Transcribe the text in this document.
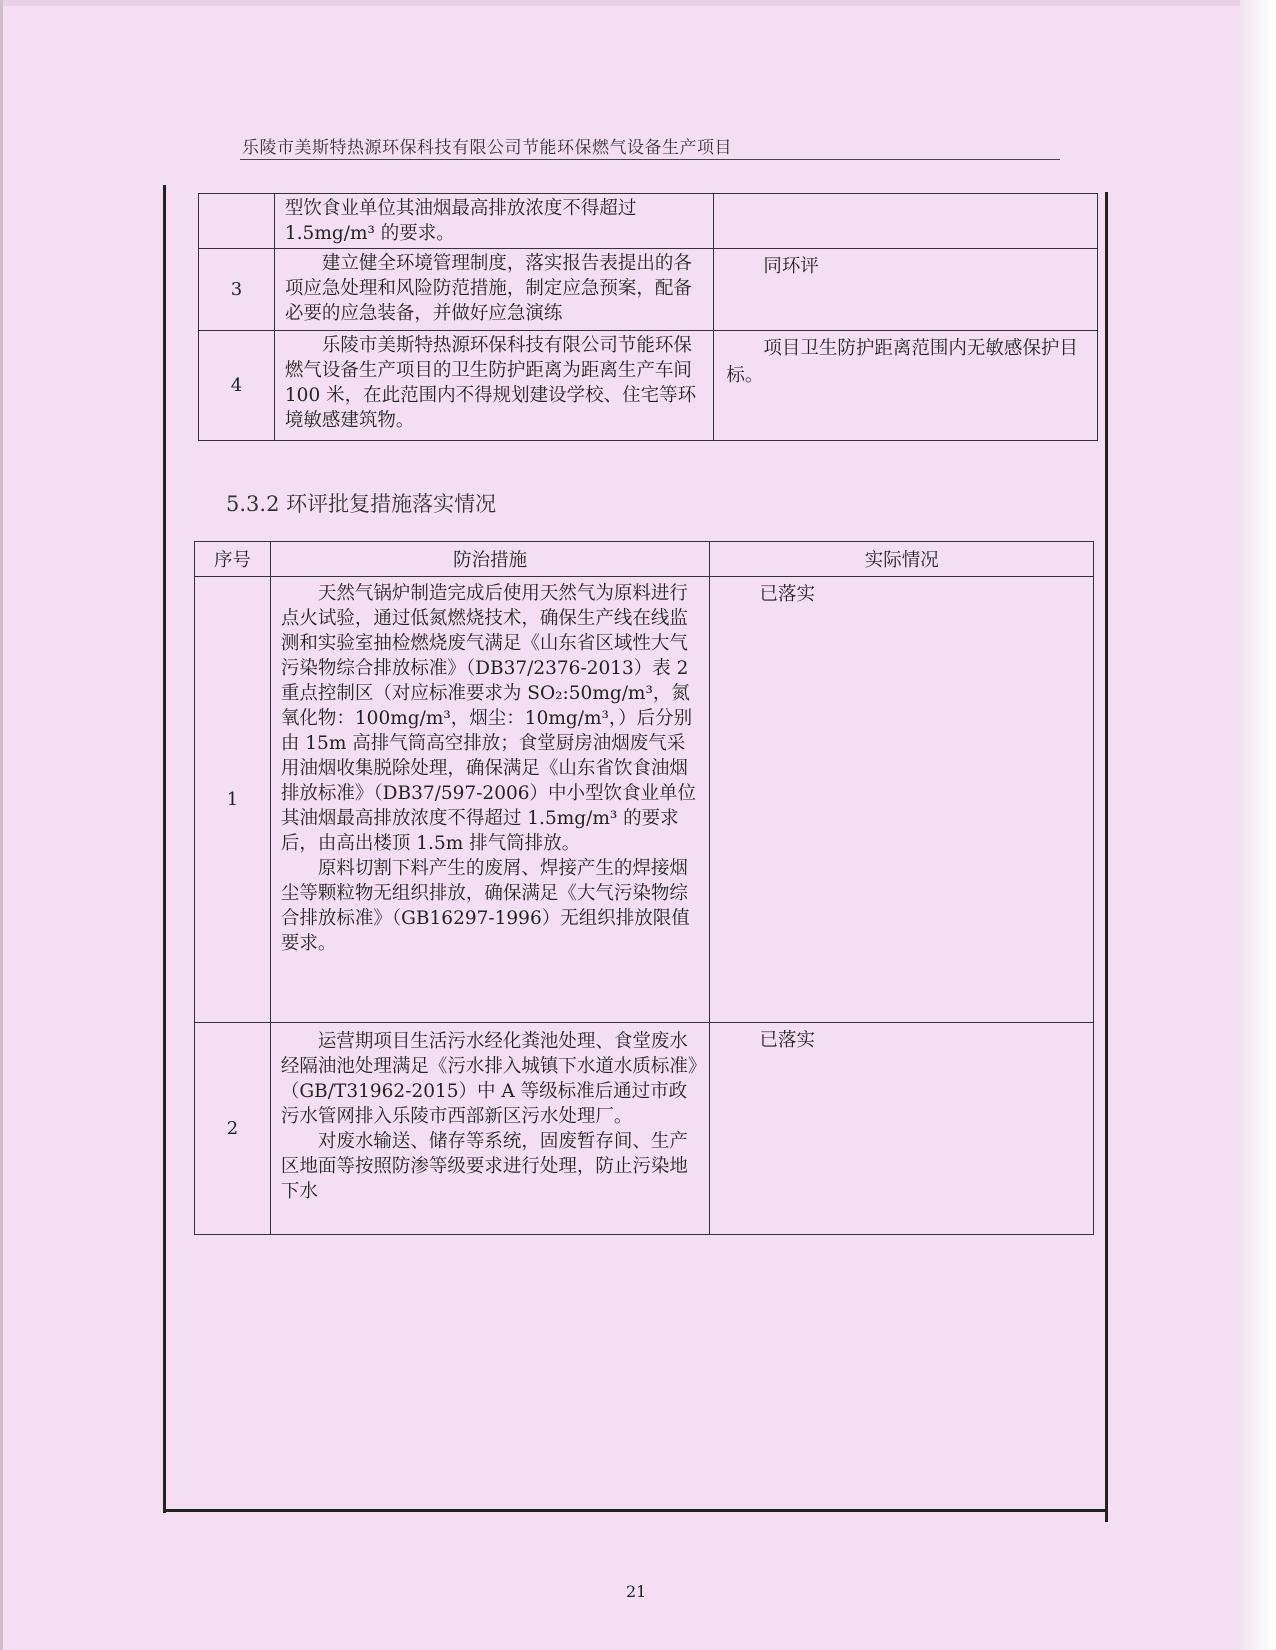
乐陵市美斯特热源环保科技有限公司节能环保燃气设备生产项目

	型饮食业单位其油烟最高排放浓度不得超过

1.5mg/m³ 的要求。	

3	建立健全环境管理制度，落实报告表提出的各项应急处理和风险防范措施，制定应急预案，配备必要的应急装备，并做好应急演练	同环评

4	乐陵市美斯特热源环保科技有限公司节能环保燃气设备生产项目的卫生防护距离为距离生产车间 100 米，在此范围内不得规划建设学校、住宅等环境敏感建筑物。	项目卫生防护距离范围内无敏感保护目标。

5.3.2 环评批复措施落实情况
序号	防治措施	实际情况
1	天然气锅炉制造完成后使用天然气为原料进行点火试验，通过低氮燃烧技术，确保生产线在线监测和实验室抽检燃烧废气满足《山东省区域性大气污染物综合排放标准》（DB37/2376-2013）表 2 重点控制区（对应标准要求为 SO₂:50mg/m³，氮氧化物：100mg/m³，烟尘：10mg/m³，）后分别由 15m 高排气筒高空排放；食堂厨房油烟废气采用油烟收集脱除处理，确保满足《山东省饮食油烟排放标准》（DB37/597-2006）中小型饮食业单位其油烟最高排放浓度不得超过 1.5mg/m³ 的要求后，由高出楼顶 1.5m 排气筒排放。

原料切割下料产生的废屑、焊接产生的焊接烟尘等颗粒物无组织排放，确保满足《大气污染物综合排放标准》（GB16297-1996）无组织排放限值要求。	已落实

2	运营期项目生活污水经化粪池处理、食堂废水经隔油池处理满足《污水排入城镇下水道水质标准》（GB/T31962-2015）中 A 等级标准后通过市政污水管网排入乐陵市西部新区污水处理厂。

对废水输送、储存等系统，固废暂存间、生产区地面等按照防渗等级要求进行处理，防止污染地下水	已落实

21
